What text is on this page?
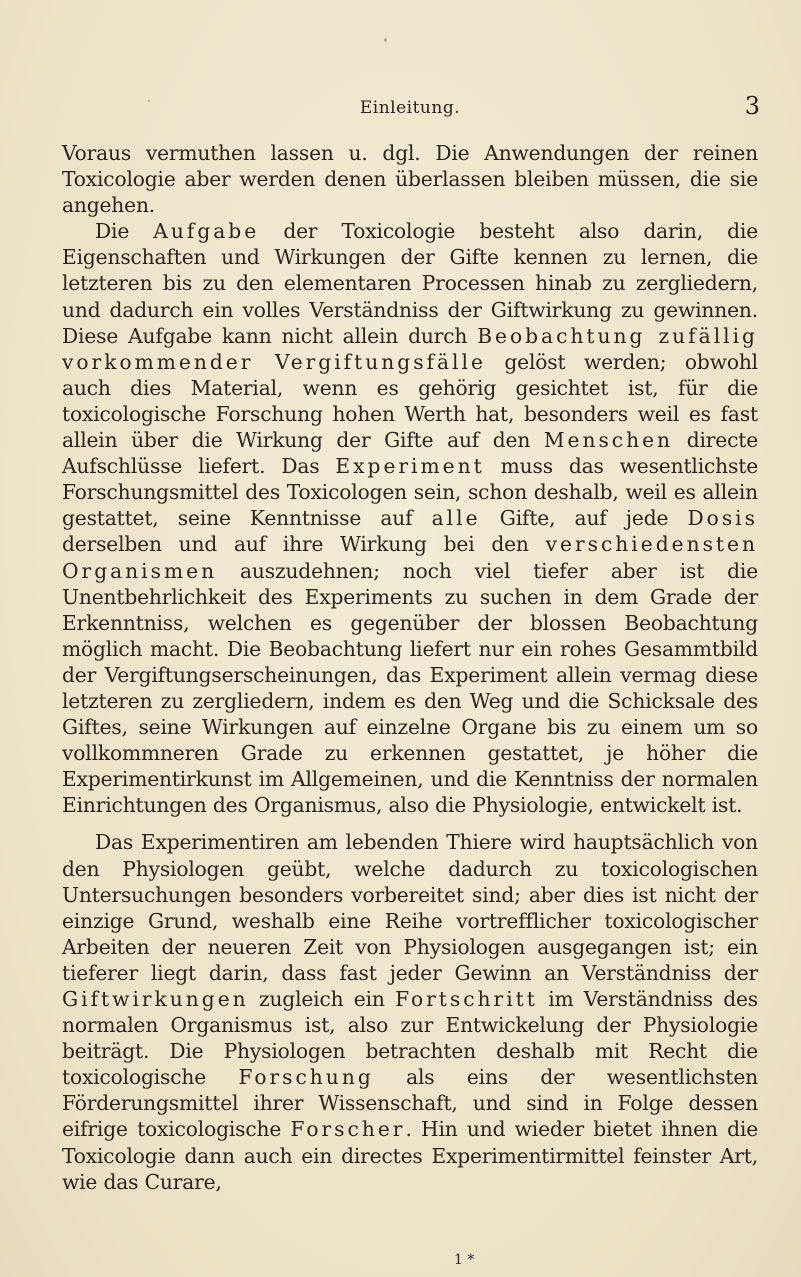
Einleitung.	3

Voraus vermuthen lassen u. dgl. Die Anwendungen der reinen Toxicologie aber werden denen überlassen bleiben müssen, die sie angehen.

Die Aufgabe der Toxicologie besteht also darin, die Eigenschaften und Wirkungen der Gifte kennen zu lernen, die letzteren bis zu den elementaren Processen hinab zu zergliedern, und dadurch ein volles Verständniss der Giftwirkung zu gewinnen. Diese Aufgabe kann nicht allein durch Beobachtung zufällig vorkommender Vergiftungsfälle gelöst werden; obwohl auch dies Material, wenn es gehörig gesichtet ist, für die toxicologische Forschung hohen Werth hat, besonders weil es fast allein über die Wirkung der Gifte auf den Menschen directe Aufschlüsse liefert. Das Experiment muss das wesentlichste Forschungsmittel des Toxicologen sein, schon deshalb, weil es allein gestattet, seine Kenntnisse auf alle Gifte, auf jede Dosis derselben und auf ihre Wirkung bei den verschiedensten Organismen auszudehnen; noch viel tiefer aber ist die Unentbehrlichkeit des Experiments zu suchen in dem Grade der Erkenntniss, welchen es gegenüber der blossen Beobachtung möglich macht. Die Beobachtung liefert nur ein rohes Gesammtbild der Vergiftungserscheinungen, das Experiment allein vermag diese letzteren zu zergliedern, indem es den Weg und die Schicksale des Giftes, seine Wirkungen auf einzelne Organe bis zu einem um so vollkommneren Grade zu erkennen gestattet, je höher die Experimentirkunst im Allgemeinen, und die Kenntniss der normalen Einrichtungen des Organismus, also die Physiologie, entwickelt ist.

Das Experimentiren am lebenden Thiere wird hauptsächlich von den Physiologen geübt, welche dadurch zu toxicologischen Untersuchungen besonders vorbereitet sind; aber dies ist nicht der einzige Grund, weshalb eine Reihe vortrefflicher toxicologischer Arbeiten der neueren Zeit von Physiologen ausgegangen ist; ein tieferer liegt darin, dass fast jeder Gewinn an Verständniss der Giftwirkungen zugleich ein Fortschritt im Verständniss des normalen Organismus ist, also zur Entwickelung der Physiologie beiträgt. Die Physiologen betrachten deshalb mit Recht die toxicologische Forschung als eins der wesentlichsten Förderungsmittel ihrer Wissenschaft, und sind in Folge dessen eifrige toxicologische Forscher. Hin und wieder bietet ihnen die Toxicologie dann auch ein directes Experimentirmittel feinster Art, wie das Curare,

1 *
